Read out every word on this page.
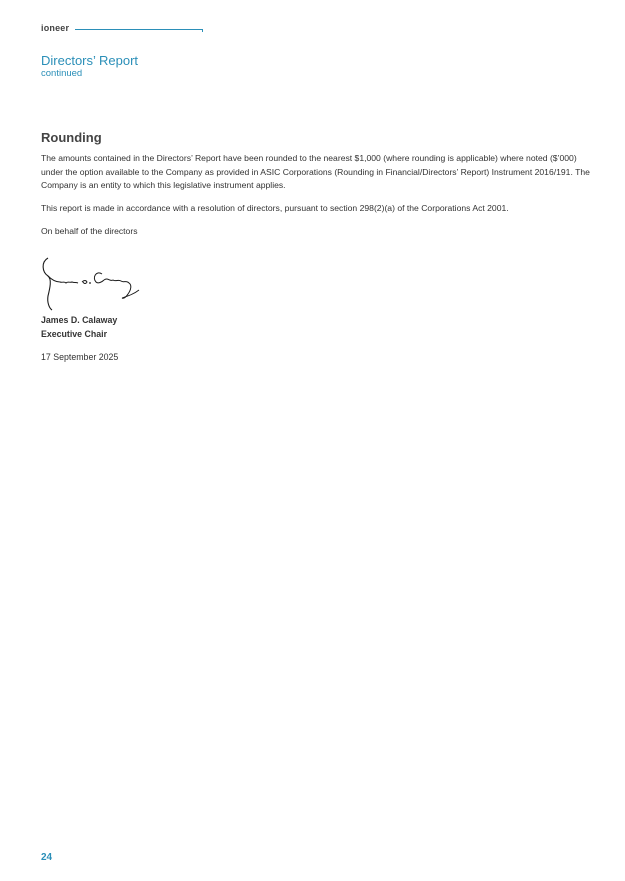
ioneer
Directors’ Report
continued
Rounding
The amounts contained in the Directors’ Report have been rounded to the nearest $1,000 (where rounding is applicable) where noted ($’000) under the option available to the Company as provided in ASIC Corporations (Rounding in Financial/Directors’ Report) Instrument 2016/191. The Company is an entity to which this legislative instrument applies.
This report is made in accordance with a resolution of directors, pursuant to section 298(2)(a) of the Corporations Act 2001.
On behalf of the directors
James D. Calaway
Executive Chair
17 September 2025
24
